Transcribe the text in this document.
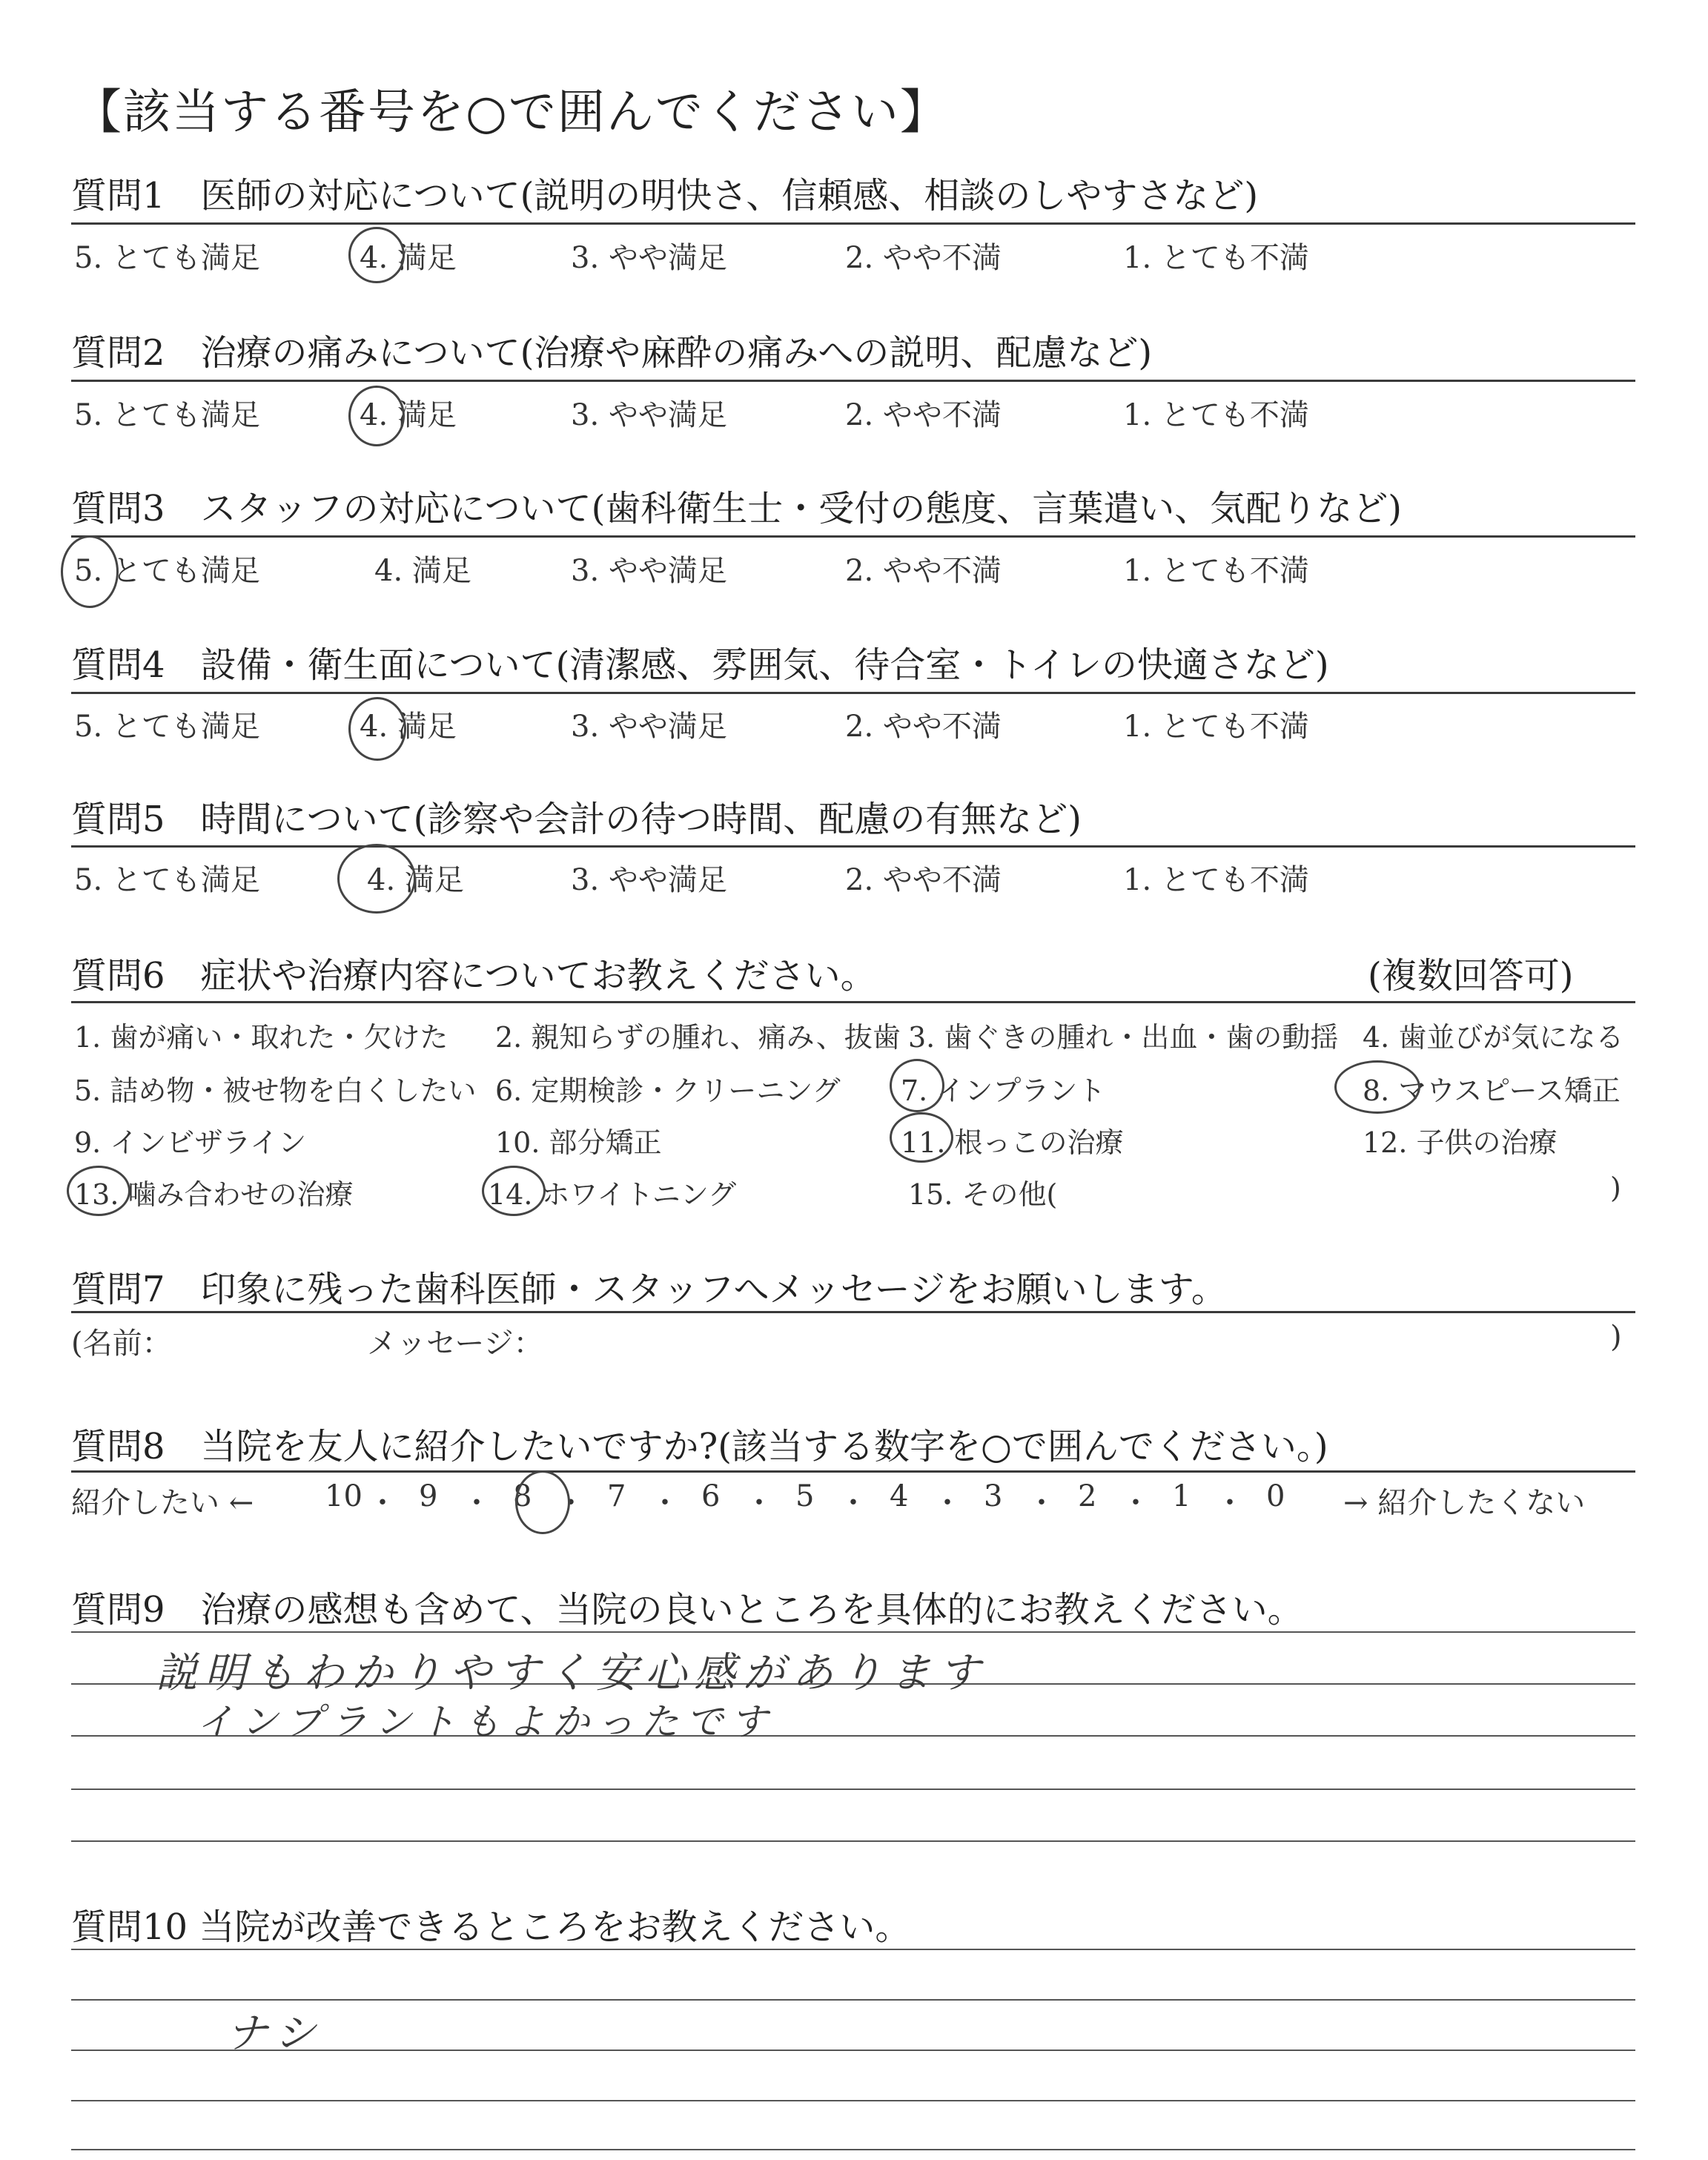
【該当する番号を○で囲んでください】
質問1　医師の対応について(説明の明快さ、信頼感、相談のしやすさなど)
5. とても満足	4. 満足	3. やや満足	2. やや不満	1. とても不満
質問2　治療の痛みについて(治療や麻酔の痛みへの説明、配慮など)
5. とても満足	4. 満足	3. やや満足	2. やや不満	1. とても不満
質問3　スタッフの対応について(歯科衛生士・受付の態度、言葉遣い、気配りなど)
5. とても満足	4. 満足	3. やや満足	2. やや不満	1. とても不満
質問4　設備・衛生面について(清潔感、雰囲気、待合室・トイレの快適さなど)
5. とても満足	4. 満足	3. やや満足	2. やや不満	1. とても不満
質問5　時間について(診察や会計の待つ時間、配慮の有無など)
5. とても満足	4. 満足	3. やや満足	2. やや不満	1. とても不満
質問6　症状や治療内容についてお教えください。	(複数回答可)
1. 歯が痛い・取れた・欠けた 2. 親知らずの腫れ、痛み、抜歯 3. 歯ぐきの腫れ・出血・歯の動揺 4. 歯並びが気になる
5. 詰め物・被せ物を白くしたい 6. 定期検診・クリーニング 7. インプラント	8. マウスピース矯正
9. インビザライン	10. 部分矯正	11. 根っこの治療	12. 子供の治療
13. 噛み合わせの治療	14. ホワイトニング	15. その他(	)
質問7　印象に残った歯科医師・スタッフへメッセージをお願いします。
(名前：	メッセージ：	)
質問8　当院を友人に紹介したいですか?(該当する数字を○で囲んでください。)
紹介したい ←	→ 紹介したくない
10 ・ 9 ・ 8 ・ 7 ・ 6 ・ 5 ・ 4 ・ 3 ・ 2 ・ 1 ・ 0
質問9　治療の感想も含めて、当院の良いところを具体的にお教えください。
説明もわかりやすく安心感があります
インプラントもよかったです
質問10 当院が改善できるところをお教えください。
ナシ
